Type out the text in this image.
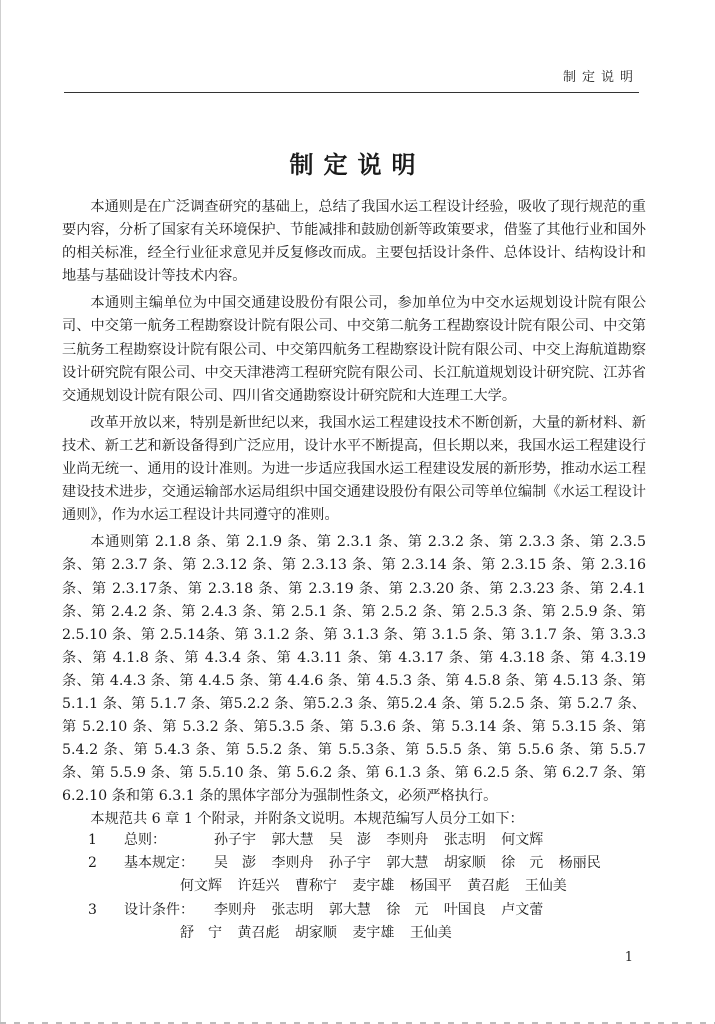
制定说明
制定说明

本通则是在广泛调查研究的基础上，总结了我国水运工程设计经验，吸收了现行规范的重要内容，分析了国家有关环境保护、节能减排和鼓励创新等政策要求，借鉴了其他行业和国外的相关标准，经全行业征求意见并反复修改而成。主要包括设计条件、总体设计、结构设计和地基与基础设计等技术内容。

本通则主编单位为中国交通建设股份有限公司，参加单位为中交水运规划设计院有限公司、中交第一航务工程勘察设计院有限公司、中交第二航务工程勘察设计院有限公司、中交第三航务工程勘察设计院有限公司、中交第四航务工程勘察设计院有限公司、中交上海航道勘察设计研究院有限公司、中交天津港湾工程研究院有限公司、长江航道规划设计研究院、江苏省交通规划设计院有限公司、四川省交通勘察设计研究院和大连理工大学。

改革开放以来，特别是新世纪以来，我国水运工程建设技术不断创新，大量的新材料、新技术、新工艺和新设备得到广泛应用，设计水平不断提高，但长期以来，我国水运工程建设行业尚无统一、通用的设计准则。为进一步适应我国水运工程建设发展的新形势，推动水运工程建设技术进步，交通运输部水运局组织中国交通建设股份有限公司等单位编制《水运工程设计通则》，作为水运工程设计共同遵守的准则。

本通则第 2.1.8 条、第 2.1.9 条、第 2.3.1 条、第 2.3.2 条、第 2.3.3 条、第 2.3.5 条、第 2.3.7 条、第 2.3.12 条、第 2.3.13 条、第 2.3.14 条、第 2.3.15 条、第 2.3.16 条、第 2.3.17条、第 2.3.18 条、第 2.3.19 条、第 2.3.20 条、第 2.3.23 条、第 2.4.1 条、第 2.4.2 条、第 2.4.3 条、第 2.5.1 条、第 2.5.2 条、第 2.5.3 条、第 2.5.9 条、第 2.5.10 条、第 2.5.14条、第 3.1.2 条、第 3.1.3 条、第 3.1.5 条、第 3.1.7 条、第 3.3.3 条、第 4.1.8 条、第 4.3.4 条、第 4.3.11 条、第 4.3.17 条、第 4.3.18 条、第 4.3.19 条、第 4.4.3 条、第 4.4.5 条、第 4.4.6 条、第 4.5.3 条、第 4.5.8 条、第 4.5.13 条、第 5.1.1 条、第 5.1.7 条、第5.2.2 条、第5.2.3 条、第5.2.4 条、第 5.2.5 条、第 5.2.7 条、第 5.2.10 条、第 5.3.2 条、第5.3.5 条、第 5.3.6 条、第 5.3.14 条、第 5.3.15 条、第 5.4.2 条、第 5.4.3 条、第 5.5.2 条、第 5.5.3条、第 5.5.5 条、第 5.5.6 条、第 5.5.7 条、第 5.5.9 条、第 5.5.10 条、第 5.6.2 条、第 6.1.3 条、第 6.2.5 条、第 6.2.7 条、第 6.2.10 条和第 6.3.1 条的黑体字部分为强制性条文，必须严格执行。

本规范共 6 章 1 个附录，并附条文说明。本规范编写人员分工如下：

1	总则：	孙子宇 郭大慧 吴　澎 李则舟 张志明 何文辉
2	基本规定：	吴　澎 李则舟 孙子宇 郭大慧 胡家顺 徐　元 杨丽民
何文辉 许廷兴 曹称宁 麦宇雄 杨国平 黄召彪 王仙美
3	设计条件：	李则舟 张志明 郭大慧 徐　元 叶国良 卢文蕾
舒　宁 黄召彪 胡家顺 麦宇雄 王仙美
1
